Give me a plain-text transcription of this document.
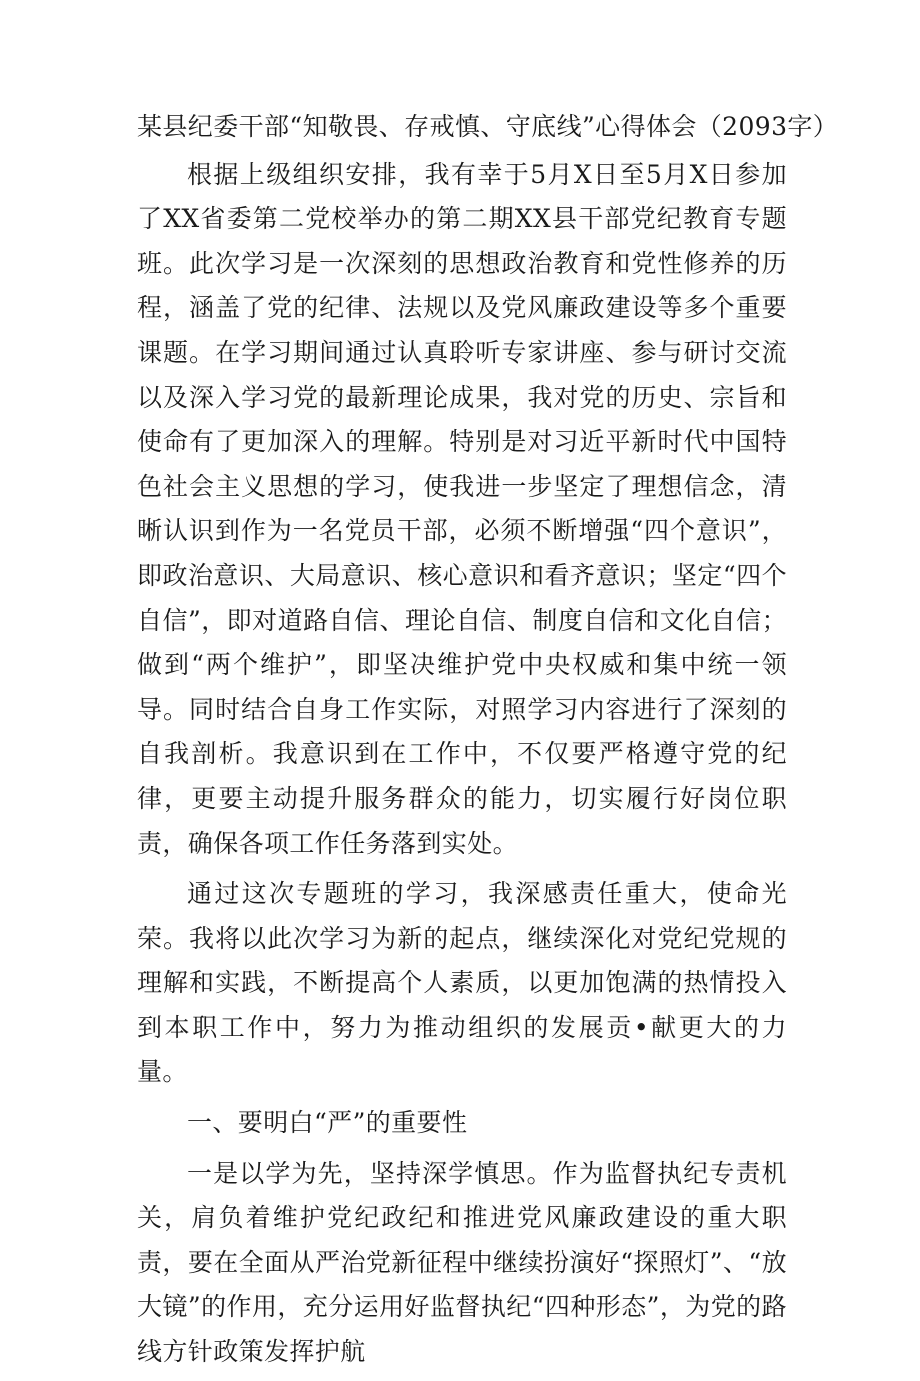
某县纪委干部“知敬畏、存戒慎、守底线”心得体会（2093字）

根据上级组织安排，我有幸于5月X日至5月X日参加了XX省委第二党校举办的第二期XX县干部党纪教育专题班。此次学习是一次深刻的思想政治教育和党性修养的历程，涵盖了党的纪律、法规以及党风廉政建设等多个重要课题。在学习期间通过认真聆听专家讲座、参与研讨交流以及深入学习党的最新理论成果，我对党的历史、宗旨和使命有了更加深入的理解。特别是对习近平新时代中国特色社会主义思想的学习，使我进一步坚定了理想信念，清晰认识到作为一名党员干部，必须不断增强“四个意识”，即政治意识、大局意识、核心意识和看齐意识；坚定“四个自信”，即对道路自信、理论自信、制度自信和文化自信；做到“两个维护”，即坚决维护党中央权威和集中统一领导。同时结合自身工作实际，对照学习内容进行了深刻的自我剖析。我意识到在工作中，不仅要严格遵守党的纪律，更要主动提升服务群众的能力，切实履行好岗位职责，确保各项工作任务落到实处。

通过这次专题班的学习，我深感责任重大，使命光荣。我将以此次学习为新的起点，继续深化对党纪党规的理解和实践，不断提高个人素质，以更加饱满的热情投入到本职工作中，努力为推动组织的发展贡•献更大的力量。

一、要明白“严”的重要性

一是以学为先，坚持深学慎思。作为监督执纪专责机关，肩负着维护党纪政纪和推进党风廉政建设的重大职责，要在全面从严治党新征程中继续扮演好“探照灯”、“放大镜”的作用，充分运用好监督执纪“四种形态”，为党的路线方针政策发挥护航
